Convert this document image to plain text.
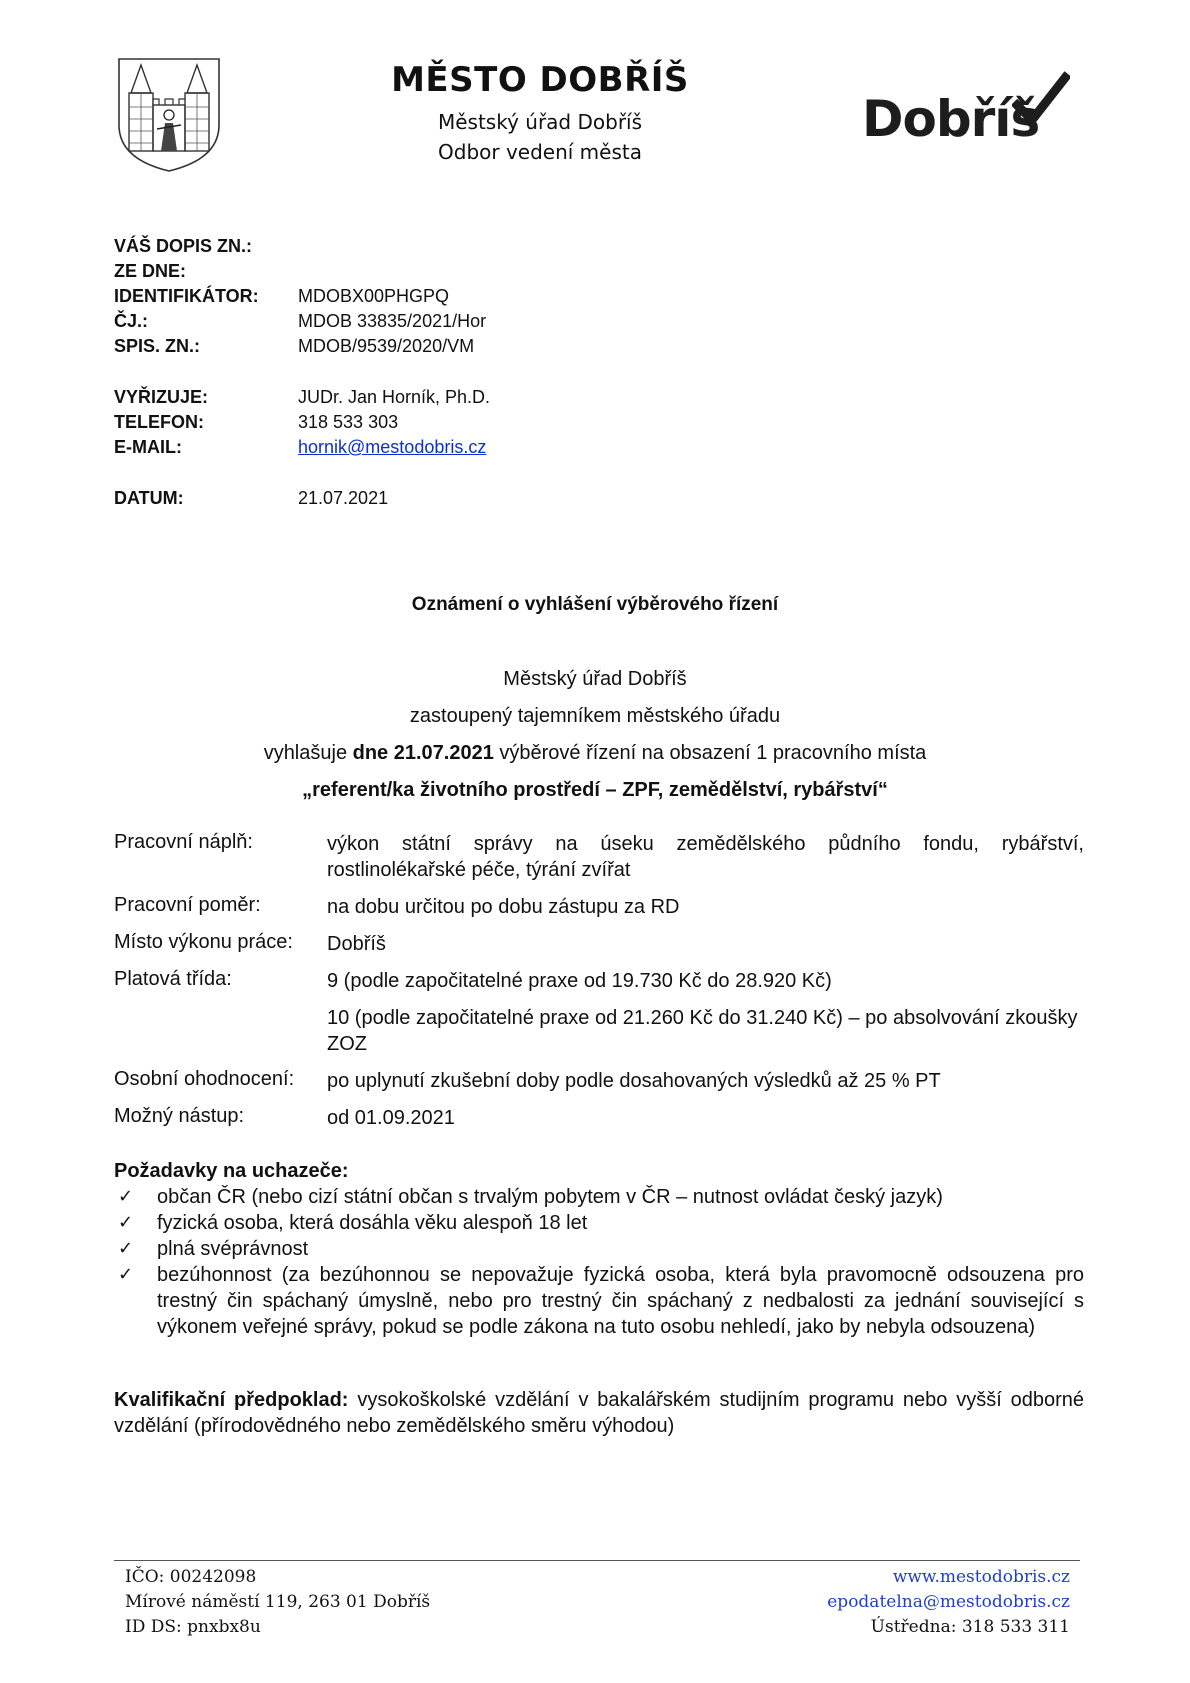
MĚSTO DOBŘÍŠ
Městský úřad Dobříš
Odbor vedení města
Dobříš
VÁŠ DOPIS ZN.:
ZE DNE:
IDENTIFIKÁTOR: MDOBX00PHGPQ
ČJ.:	MDOB 33835/2021/Hor
SPIS. ZN.:	MDOB/9539/2020/VM
VYŘIZUJE:	JUDr. Jan Horník, Ph.D.
TELEFON:	318 533 303
E-MAIL:	hornik@mestodobris.cz
DATUM:	21.07.2021
Oznámení o vyhlášení výběrového řízení
Městský úřad Dobříš
zastoupený tajemníkem městského úřadu
vyhlašuje dne 21.07.2021 výběrové řízení na obsazení 1 pracovního místa
„referent/ka životního prostředí – ZPF, zemědělství, rybářství“
Pracovní náplň:	výkon státní správy na úseku zemědělského půdního fondu, rybářství, rostlinolékařské péče, týrání zvířat
Pracovní poměr:	na dobu určitou po dobu zástupu za RD
Místo výkonu práce: Dobříš
Platová třída:	9 (podle započitatelné praxe od 19.730 Kč do 28.920 Kč)
10 (podle započitatelné praxe od 21.260 Kč do 31.240 Kč) – po absolvování zkoušky ZOZ
Osobní ohodnocení: po uplynutí zkušební doby podle dosahovaných výsledků až 25 % PT
Možný nástup:	od 01.09.2021
Požadavky na uchazeče:
✓ občan ČR (nebo cizí státní občan s trvalým pobytem v ČR – nutnost ovládat český jazyk)
✓ fyzická osoba, která dosáhla věku alespoň 18 let
✓ plná svéprávnost
✓ bezúhonnost (za bezúhonnou se nepovažuje fyzická osoba, která byla pravomocně odsouzena pro trestný čin spáchaný úmyslně, nebo pro trestný čin spáchaný z nedbalosti za jednání související s výkonem veřejné správy, pokud se podle zákona na tuto osobu nehledí, jako by nebyla odsouzena)
Kvalifikační předpoklad: vysokoškolské vzdělání v bakalářském studijním programu nebo vyšší odborné vzdělání (přírodovědného nebo zemědělského směru výhodou)
IČO: 00242098
Mírové náměstí 119, 263 01 Dobříš
ID DS: pnxbx8u
www.mestodobris.cz
epodatelna@mestodobris.cz
Ústředna: 318 533 311
